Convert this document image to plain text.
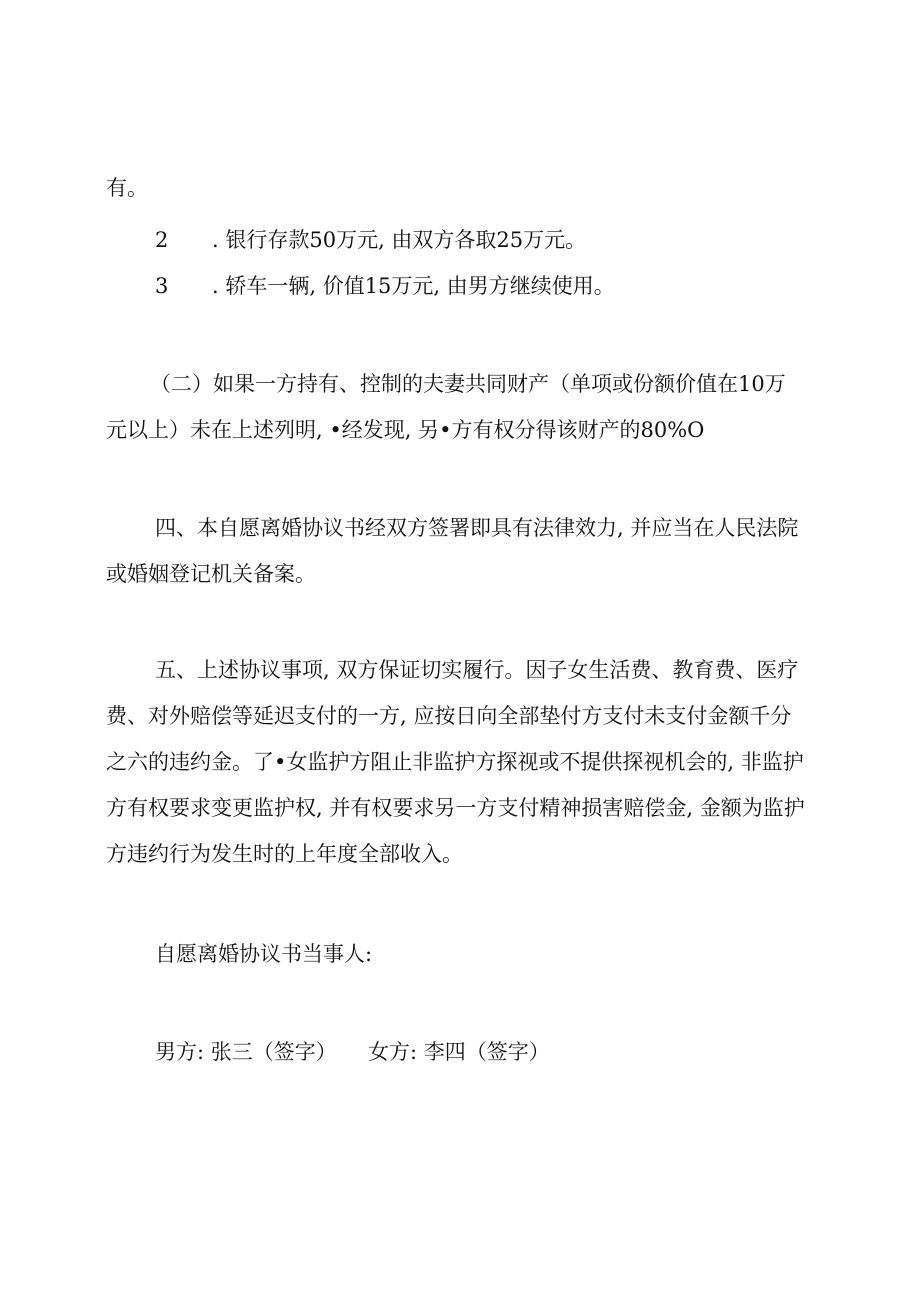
有。
2 . 银行存款50万元, 由双方各取25万元。
3 . 轿车一辆, 价值15万元, 由男方继续使用。
（二）如果一方持有、控制的夫妻共同财产（单项或份额价值在10万
元以上）未在上述列明, •经发现, 另•方有权分得该财产的80%O
四、本自愿离婚协议书经双方签署即具有法律效力, 并应当在人民法院
或婚姻登记机关备案。
五、上述协议事项, 双方保证切实履行。因子女生活费、教育费、医疗
费、对外赔偿等延迟支付的一方, 应按日向全部垫付方支付未支付金额千分
之六的违约金。了•女监护方阻止非监护方探视或不提供探视机会的, 非监护
方有权要求变更监护权, 并有权要求另一方支付精神损害赔偿金, 金额为监护
方违约行为发生时的上年度全部收入。
自愿离婚协议书当事人:
男方: 张三（签字） 女方: 李四（签字）
